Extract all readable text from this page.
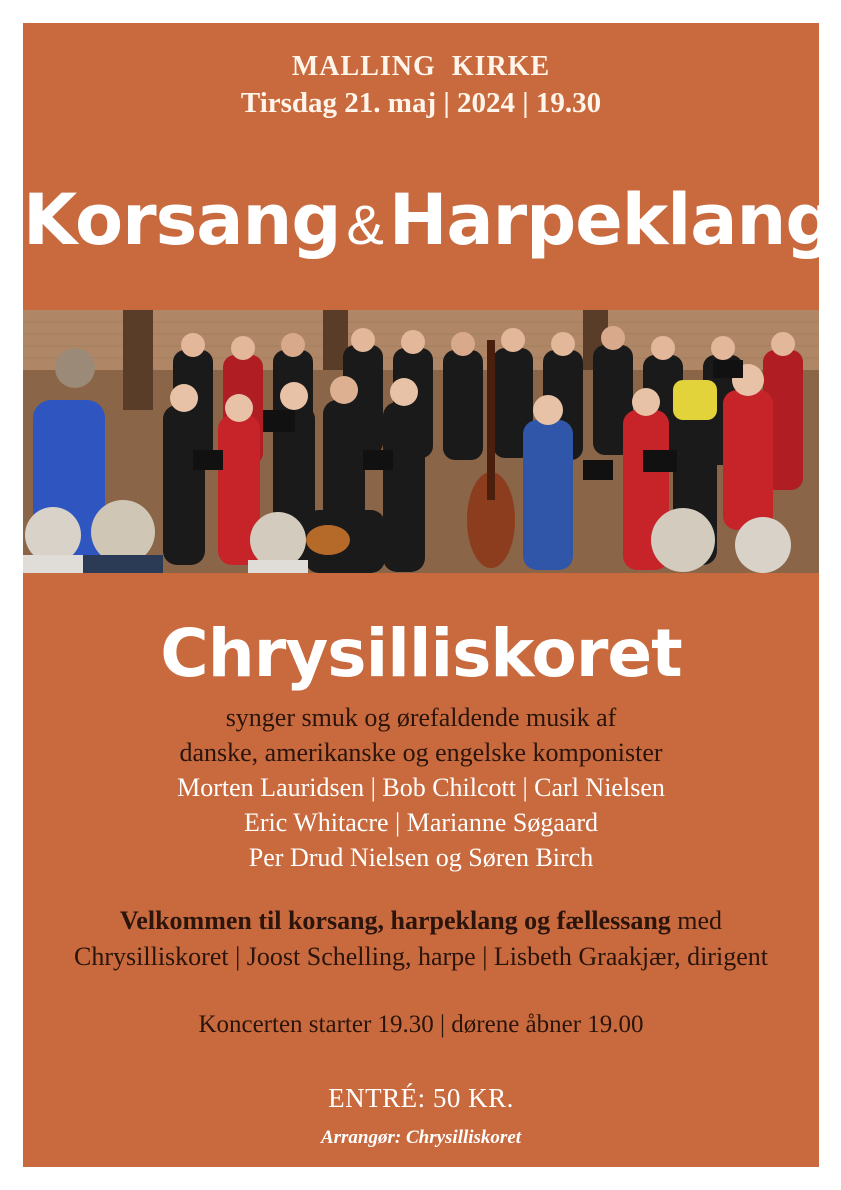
MALLING  KIRKE
Tirsdag 21. maj | 2024 | 19.30
Korsang &Harpeklang
Chrysilliskoret
synger smuk og ørefaldende musik af
danske, amerikanske og engelske komponister
Morten Lauridsen | Bob Chilcott | Carl Nielsen
Eric Whitacre | Marianne Søgaard
Per Drud Nielsen og Søren Birch
Velkommen til korsang, harpeklang og fællessang med
Chrysilliskoret | Joost Schelling, harpe | Lisbeth Graakjær, dirigent
Koncerten starter 19.30 | dørene åbner 19.00
ENTRÉ: 50 KR.
Arrangør: Chrysilliskoret
